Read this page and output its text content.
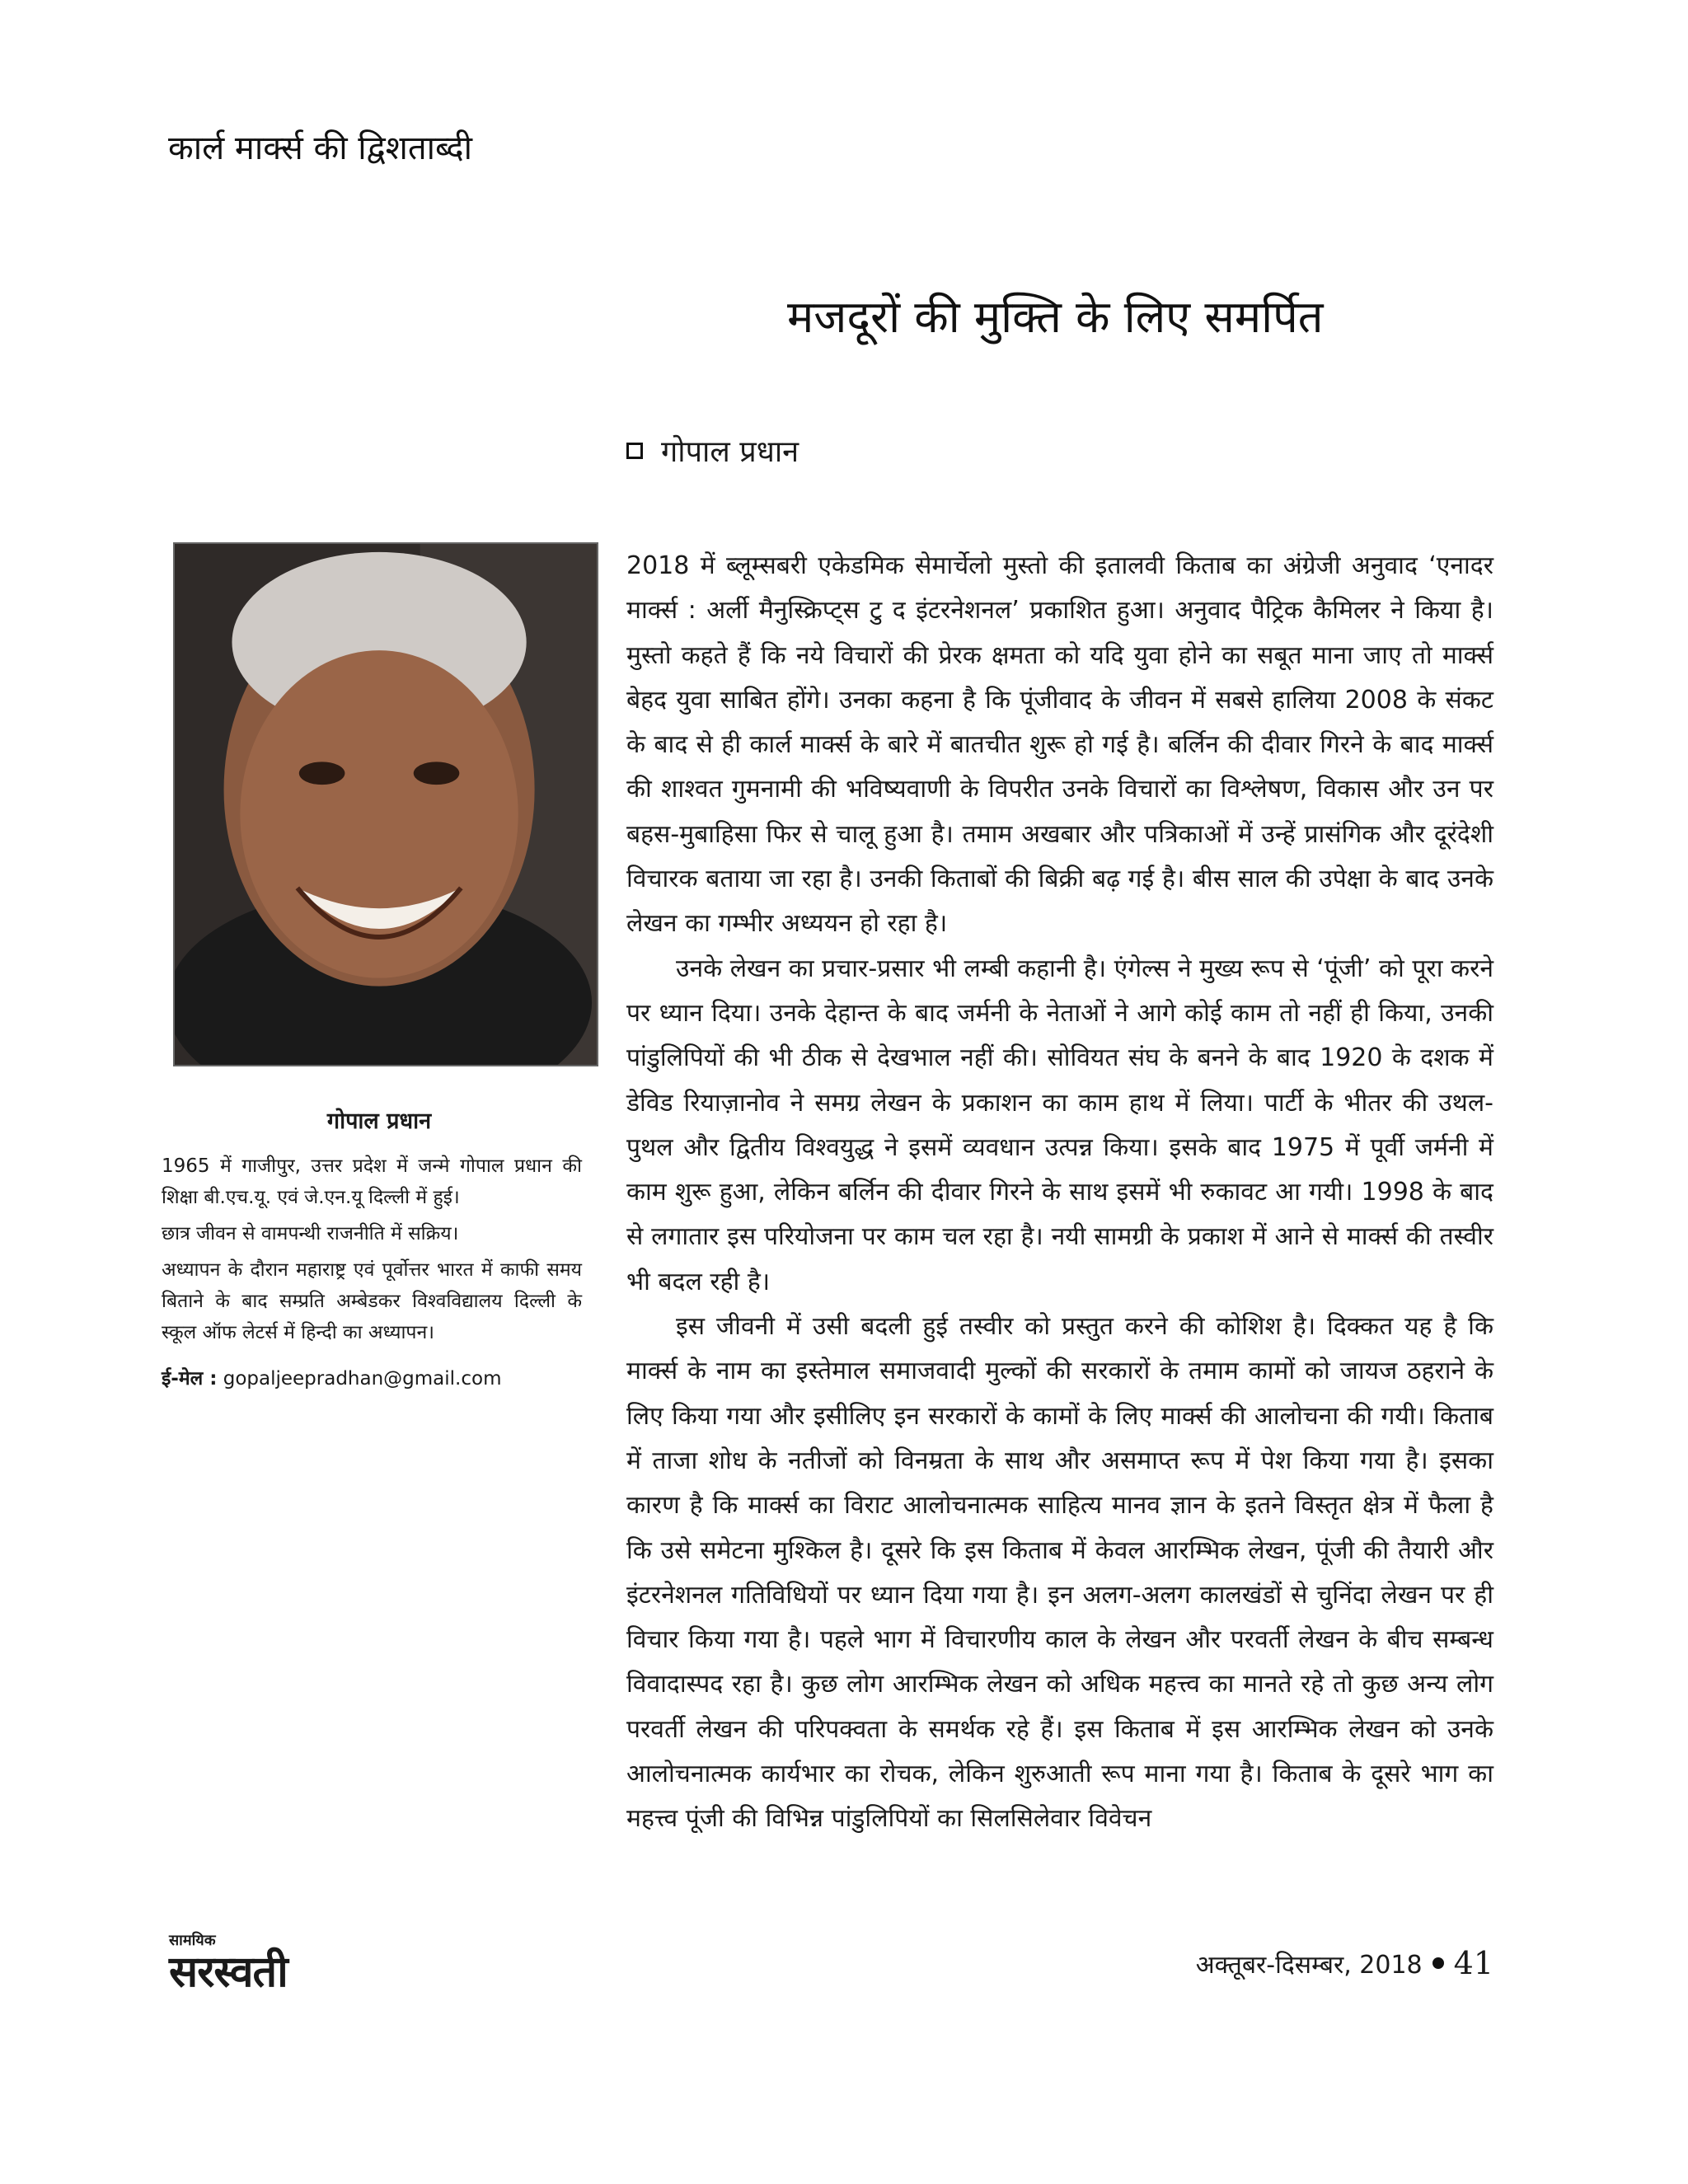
कार्ल मार्क्स की द्विशताब्दी
मजदूरों की मुक्ति के लिए समर्पित
गोपाल प्रधान
गोपाल प्रधान

1965 में गाजीपुर, उत्तर प्रदेश में जन्मे गोपाल प्रधान की शिक्षा बी.एच.यू. एवं जे.एन.यू दिल्ली में हुई।

छात्र जीवन से वामपन्थी राजनीति में सक्रिय।

अध्यापन के दौरान महाराष्ट्र एवं पूर्वोत्तर भारत में काफी समय बिताने के बाद सम्प्रति अम्बेडकर विश्वविद्यालय दिल्ली के स्कूल ऑफ लेटर्स में हिन्दी का अध्यापन।

ई-मेल : gopaljeepradhan@gmail.com

2018 में ब्लूम्सबरी एकेडमिक सेमार्चेलो मुस्तो की इतालवी किताब का अंग्रेजी अनुवाद ‘एनादर मार्क्स : अर्ली मैनुस्क्रिप्ट्स टु द इंटरनेशनल’ प्रकाशित हुआ। अनुवाद पैट्रिक कैमिलर ने किया है। मुस्तो कहते हैं कि नये विचारों की प्रेरक क्षमता को यदि युवा होने का सबूत माना जाए तो मार्क्स बेहद युवा साबित होंगे। उनका कहना है कि पूंजीवाद के जीवन में सबसे हालिया 2008 के संकट के बाद से ही कार्ल मार्क्स के बारे में बातचीत शुरू हो गई है। बर्लिन की दीवार गिरने के बाद मार्क्स की शाश्वत गुमनामी की भविष्यवाणी के विपरीत उनके विचारों का विश्लेषण, विकास और उन पर बहस-मुबाहिसा फिर से चालू हुआ है। तमाम अखबार और पत्रिकाओं में उन्हें प्रासंगिक और दूरंदेशी विचारक बताया जा रहा है। उनकी किताबों की बिक्री बढ़ गई है। बीस साल की उपेक्षा के बाद उनके लेखन का गम्भीर अध्ययन हो रहा है।

उनके लेखन का प्रचार-प्रसार भी लम्बी कहानी है। एंगेल्स ने मुख्य रूप से ‘पूंजी’ को पूरा करने पर ध्यान दिया। उनके देहान्त के बाद जर्मनी के नेताओं ने आगे कोई काम तो नहीं ही किया, उनकी पांडुलिपियों की भी ठीक से देखभाल नहीं की। सोवियत संघ के बनने के बाद 1920 के दशक में डेविड रियाज़ानोव ने समग्र लेखन के प्रकाशन का काम हाथ में लिया। पार्टी के भीतर की उथल-पुथल और द्वितीय विश्वयुद्ध ने इसमें व्यवधान उत्पन्न किया। इसके बाद 1975 में पूर्वी जर्मनी में काम शुरू हुआ, लेकिन बर्लिन की दीवार गिरने के साथ इसमें भी रुकावट आ गयी। 1998 के बाद से लगातार इस परियोजना पर काम चल रहा है। नयी सामग्री के प्रकाश में आने से मार्क्स की तस्वीर भी बदल रही है।

इस जीवनी में उसी बदली हुई तस्वीर को प्रस्तुत करने की कोशिश है। दिक्कत यह है कि मार्क्स के नाम का इस्तेमाल समाजवादी मुल्कों की सरकारों के तमाम कामों को जायज ठहराने के लिए किया गया और इसीलिए इन सरकारों के कामों के लिए मार्क्स की आलोचना की गयी। किताब में ताजा शोध के नतीजों को विनम्रता के साथ और असमाप्त रूप में पेश किया गया है। इसका कारण है कि मार्क्स का विराट आलोचनात्मक साहित्य मानव ज्ञान के इतने विस्तृत क्षेत्र में फैला है कि उसे समेटना मुश्किल है। दूसरे कि इस किताब में केवल आरम्भिक लेखन, पूंजी की तैयारी और इंटरनेशनल गतिविधियों पर ध्यान दिया गया है। इन अलग-अलग कालखंडों से चुनिंदा लेखन पर ही विचार किया गया है। पहले भाग में विचारणीय काल के लेखन और परवर्ती लेखन के बीच सम्बन्ध विवादास्पद रहा है। कुछ लोग आरम्भिक लेखन को अधिक महत्त्व का मानते रहे तो कुछ अन्य लोग परवर्ती लेखन की परिपक्वता के समर्थक रहे हैं। इस किताब में इस आरम्भिक लेखन को उनके आलोचनात्मक कार्यभार का रोचक, लेकिन शुरुआती रूप माना गया है। किताब के दूसरे भाग का महत्त्व पूंजी की विभिन्न पांडुलिपियों का सिलसिलेवार विवेचन

सामयिक
सरस्वती	अक्तूबर-दिसम्बर, 2018 41
